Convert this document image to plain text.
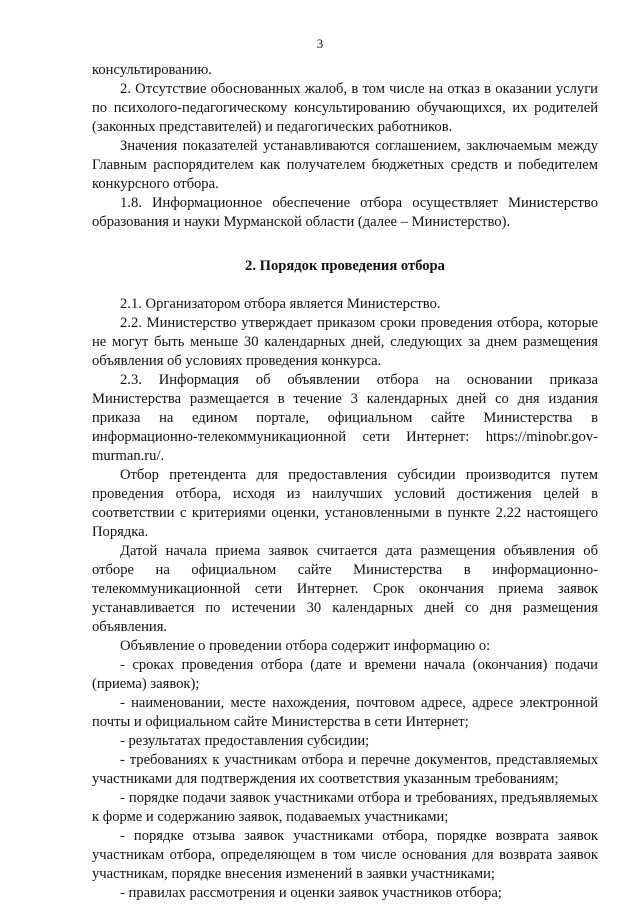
3

консультированию.

2. Отсутствие обоснованных жалоб, в том числе на отказ в оказании услуги по психолого-педагогическому консультированию обучающихся, их родителей (законных представителей) и педагогических работников.

Значения показателей устанавливаются соглашением, заключаемым между Главным распорядителем как получателем бюджетных средств и победителем конкурсного отбора.

1.8. Информационное обеспечение отбора осуществляет Министерство образования и науки Мурманской области (далее – Министерство).

2. Порядок проведения отбора

2.1. Организатором отбора является Министерство.

2.2. Министерство утверждает приказом сроки проведения отбора, которые не могут быть меньше 30 календарных дней, следующих за днем размещения объявления об условиях проведения конкурса.

2.3. Информация об объявлении отбора на основании приказа Министерства размещается в течение 3 календарных дней со дня издания приказа на едином портале, официальном сайте Министерства в информационно-телекоммуникационной сети Интернет: https://minobr.gov-murman.ru/.

Отбор претендента для предоставления субсидии производится путем проведения отбора, исходя из наилучших условий достижения целей в соответствии с критериями оценки, установленными в пункте 2.22 настоящего Порядка.

Датой начала приема заявок считается дата размещения объявления об отборе на официальном сайте Министерства в информационно-телекоммуникационной сети Интернет. Срок окончания приема заявок устанавливается по истечении 30 календарных дней со дня размещения объявления.

Объявление о проведении отбора содержит информацию о:

- сроках проведения отбора (дате и времени начала (окончания) подачи (приема) заявок);

- наименовании, месте нахождения, почтовом адресе, адресе электронной почты и официальном сайте Министерства в сети Интернет;

- результатах предоставления субсидии;

- требованиях к участникам отбора и перечне документов, представляемых участниками для подтверждения их соответствия указанным требованиям;

- порядке подачи заявок участниками отбора и требованиях, предъявляемых к форме и содержанию заявок, подаваемых участниками;

- порядке отзыва заявок участниками отбора, порядке возврата заявок участникам отбора, определяющем в том числе основания для возврата заявок участникам, порядке внесения изменений в заявки участниками;

- правилах рассмотрения и оценки заявок участников отбора;
